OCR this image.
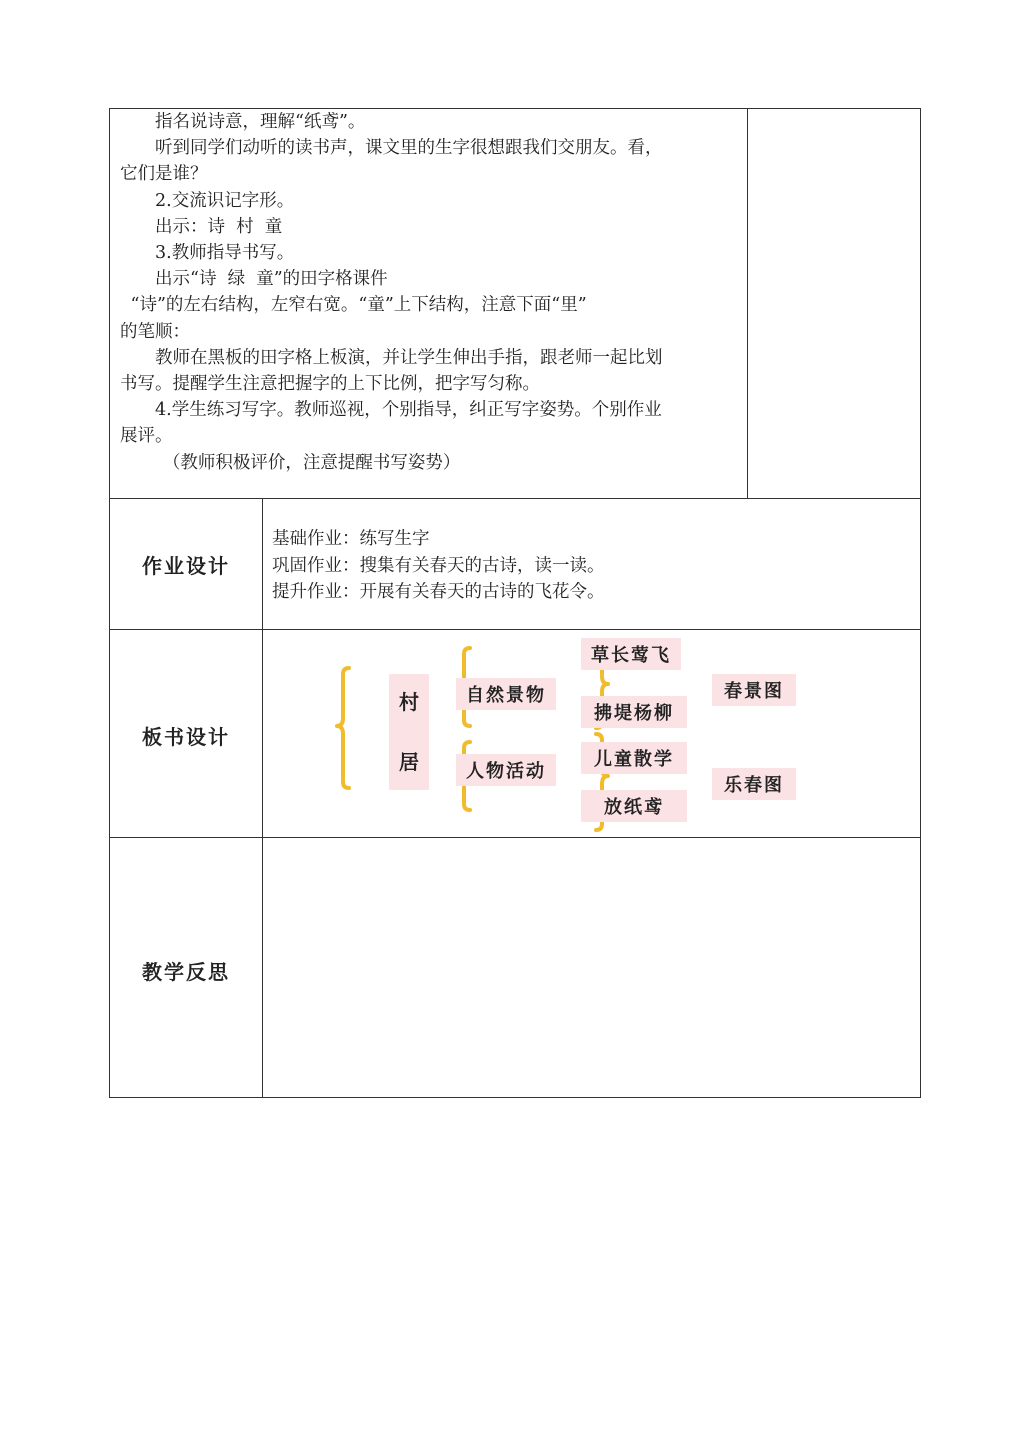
指名说诗意，理解“纸鸢”。

听到同学们动听的读书声，课文里的生字很想跟我们交朋友。看，

它们是谁？

2.交流识记字形。

出示：诗  村  童

3.教师指导书写。

出示“诗  绿  童”的田字格课件

“诗”的左右结构，左窄右宽。“童”上下结构，注意下面“里”

的笔顺：

教师在黑板的田字格上板演，并让学生伸出手指，跟老师一起比划

书写。提醒学生注意把握字的上下比例，把字写匀称。

4.学生练习写字。教师巡视，个别指导，纠正写字姿势。个别作业

展评。

（教师积极评价，注意提醒书写姿势）

作业设计
基础作业：练写生字
巩固作业：搜集有关春天的古诗，读一读。
提升作业：开展有关春天的古诗的飞花令。
板书设计
村
居
自然景物
人物活动
草长莺飞
拂堤杨柳
儿童散学
放纸鸢
春景图
乐春图
教学反思
